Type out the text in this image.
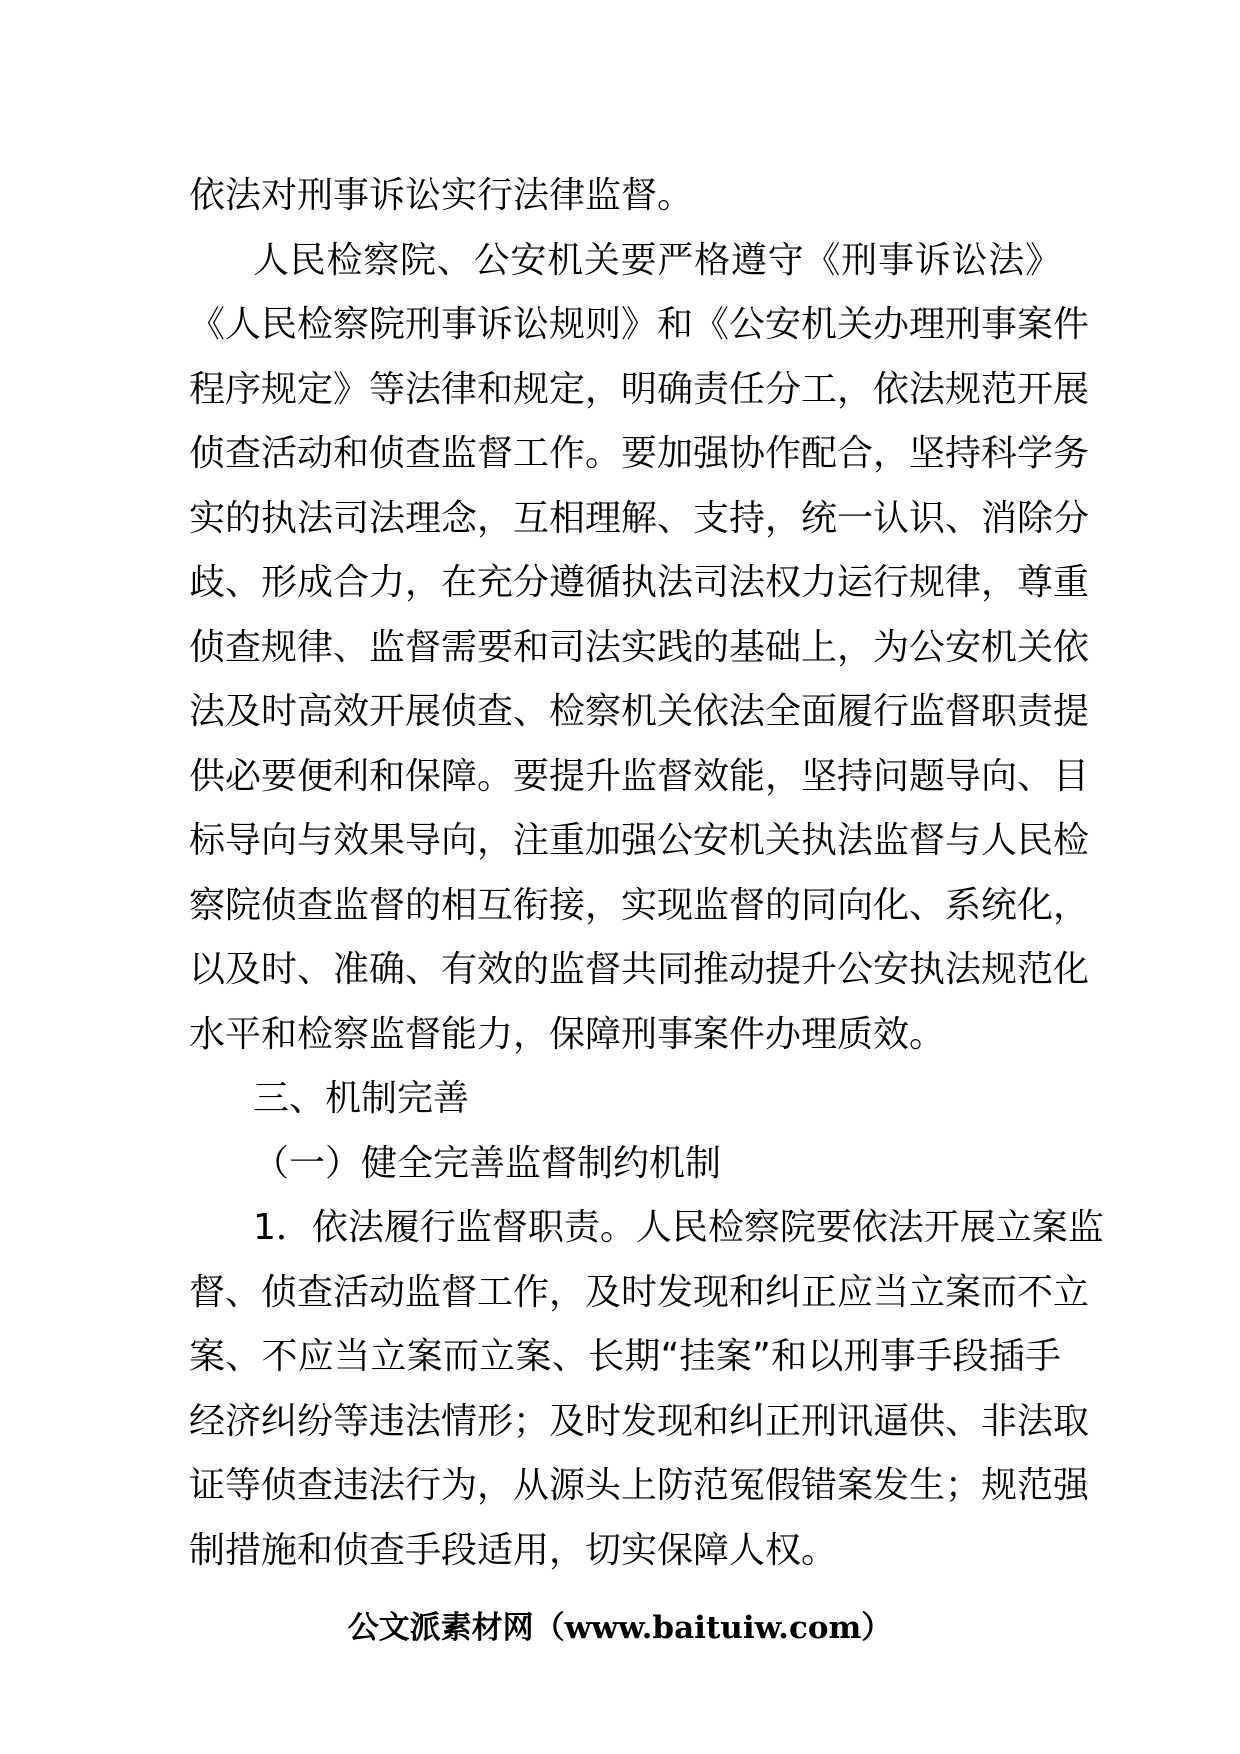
依法对刑事诉讼实行法律监督。
人民检察院、公安机关要严格遵守《刑事诉讼法》
《人民检察院刑事诉讼规则》和《公安机关办理刑事案件
程序规定》等法律和规定，明确责任分工，依法规范开展
侦查活动和侦查监督工作。要加强协作配合，坚持科学务
实的执法司法理念，互相理解、支持，统一认识、消除分
歧、形成合力，在充分遵循执法司法权力运行规律，尊重
侦查规律、监督需要和司法实践的基础上，为公安机关依
法及时高效开展侦查、检察机关依法全面履行监督职责提
供必要便利和保障。要提升监督效能，坚持问题导向、目
标导向与效果导向，注重加强公安机关执法监督与人民检
察院侦查监督的相互衔接，实现监督的同向化、系统化，
以及时、准确、有效的监督共同推动提升公安执法规范化
水平和检察监督能力，保障刑事案件办理质效。
三、机制完善
（一）健全完善监督制约机制
1．依法履行监督职责。人民检察院要依法开展立案监
督、侦查活动监督工作，及时发现和纠正应当立案而不立
案、不应当立案而立案、长期“挂案”和以刑事手段插手
经济纠纷等违法情形；及时发现和纠正刑讯逼供、非法取
证等侦查违法行为，从源头上防范冤假错案发生；规范强
制措施和侦查手段适用，切实保障人权。
公文派素材网（www.baituiw.com）
